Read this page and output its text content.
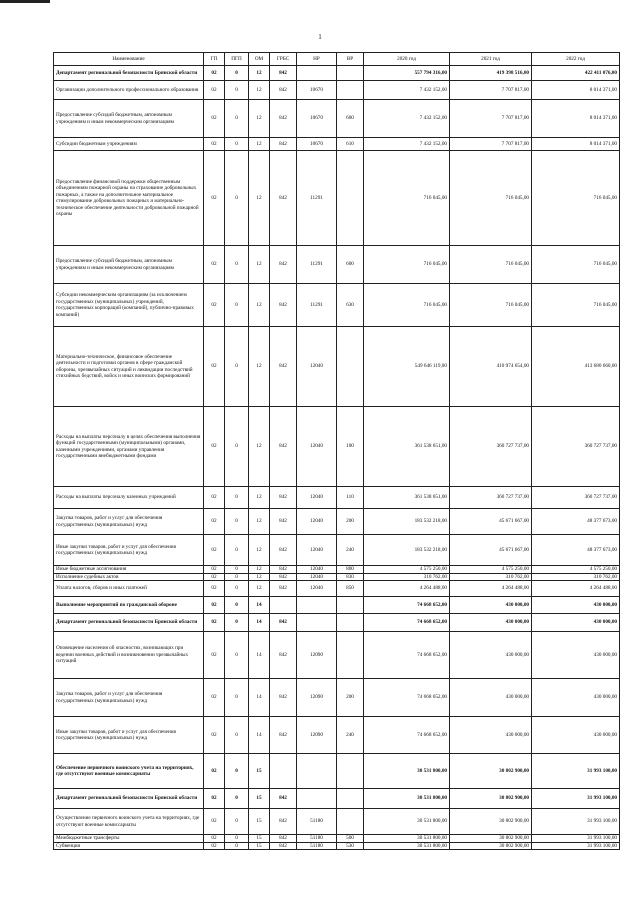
1
Наименование	ГП	ПГП	ОМ	ГРБС	НР	ВР	2020 год	2021 год	2022 год
Департамент региональной безопасности Брянской области	02	0	12	842			557 794 316,00	419 398 516,00	422 411 076,00
Организации дополнительного профессионального образования	02	0	12	842	10670		7 432 152,00	7 707 817,00	8 014 371,00
Предоставление субсидий бюджетным, автономным учреждениям и иным некоммерческим организациям	02	0	12	842	10670	600	7 432 152,00	7 707 817,00	8 014 371,00
Субсидии бюджетным учреждениям	02	0	12	842	10670	610	7 432 152,00	7 707 817,00	8 014 371,00
Предоставление финансовой поддержки общественным объединениям пожарной охраны на страхование добровольных пожарных, а также на дополнительное материальное стимулирование добровольных пожарных и материально-техническое обеспечение деятельности добровольной пожарной охраны	02	0	12	842	11291		716 045,00	716 045,00	716 045,00
Предоставление субсидий бюджетным, автономным учреждениям и иным некоммерческим организациям	02	0	12	842	11291	600	716 045,00	716 045,00	716 045,00
Субсидии некоммерческим организациям (за исключением государственных (муниципальных) учреждений, государственных корпораций (компаний), публично-правовых компаний)	02	0	12	842	11291	630	716 045,00	716 045,00	716 045,00
Материально-техническое, финансовое обеспечение деятельности и подготовки органов в сфере гражданской обороны, чрезвычайных ситуаций и ликвидации последствий стихийных бедствий, войск и иных воинских формирований	02	0	12	842	12040		549 646 119,00	410 974 654,00	413 680 660,00
Расходы на выплаты персоналу в целях обеспечения выполнения функций государственными (муниципальными) органами, казенными учреждениями, органами управления государственными внебюджетными фондами	02	0	12	842	12040	100	361 538 651,00	360 727 737,00	360 727 737,00
Расходы на выплаты персоналу казенных учреждений	02	0	12	842	12040	110	361 538 651,00	360 727 737,00	360 727 737,00
Закупка товаров, работ и услуг для обеспечения государственных (муниципальных) нужд	02	0	12	842	12040	200	183 532 218,00	45 671 667,00	48 377 673,00
Иные закупки товаров, работ и услуг для обеспечения государственных (муниципальных) нужд	02	0	12	842	12040	240	183 532 218,00	45 671 667,00	48 377 673,00
Иные бюджетные ассигнования	02	0	12	842	12040	800	4 575 250,00	4 575 250,00	4 575 250,00
Исполнение судебных актов	02	0	12	842	12040	830	310 762,00	310 762,00	310 762,00
Уплата налогов, сборов и иных платежей	02	0	12	842	12040	850	4 264 488,00	4 264 488,00	4 264 488,00
Выполнение мероприятий по гражданской обороне	02	0	14				74 668 652,00	430 000,00	430 000,00
Департамент региональной безопасности Брянской области	02	0	14	842			74 668 652,00	430 000,00	430 000,00
Оповещение населения об опасностях, возникающих при ведении военных действий и возникновении чрезвычайных ситуаций	02	0	14	842	12090		74 668 652,00	430 000,00	430 000,00
Закупка товаров, работ и услуг для обеспечения государственных (муниципальных) нужд	02	0	14	842	12090	200	74 668 652,00	430 000,00	430 000,00
Иные закупки товаров, работ и услуг для обеспечения государственных (муниципальных) нужд	02	0	14	842	12090	240	74 668 652,00	430 000,00	430 000,00
Обеспечение первичного воинского учета на территориях, где отсутствуют военные комиссариаты	02	0	15				30 531 800,00	30 802 900,00	31 993 100,00
Департамент региональной безопасности Брянской области	02	0	15	842			30 531 800,00	30 802 900,00	31 993 100,00
Осуществление первичного воинского учета на территориях, где отсутствуют военные комиссариаты	02	0	15	842	51180		30 531 800,00	30 802 900,00	31 993 100,00
Межбюджетные трансферты	02	0	15	842	51180	500	30 531 800,00	30 802 900,00	31 993 100,00
Субвенции	02	0	15	842	51180	530	30 531 800,00	30 802 900,00	31 993 100,00
